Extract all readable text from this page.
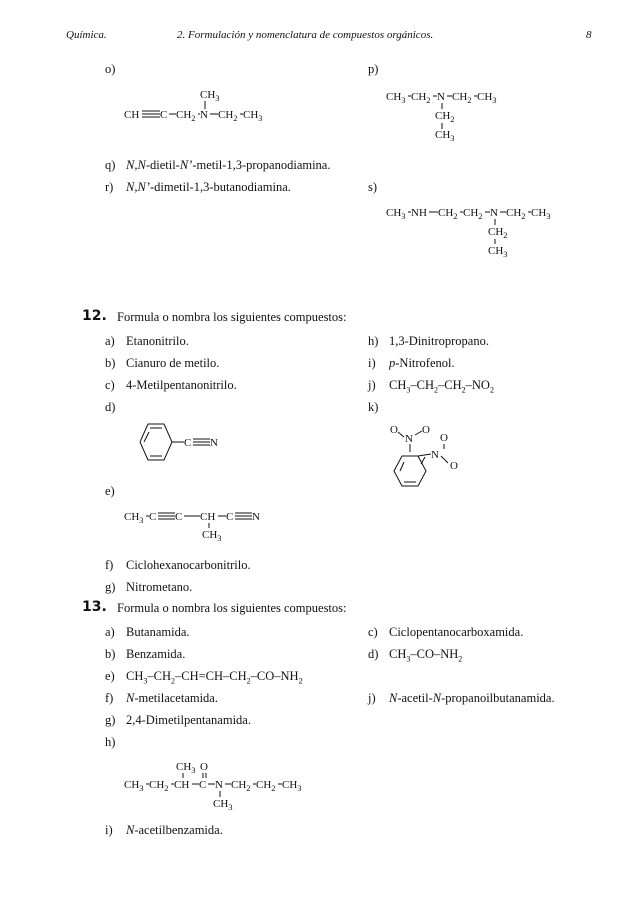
Química.	2. Formulación y nomenclatura de compuestos orgánicos.	8
o)
$CH_3$
CH C $CH_2$ N $CH_2$ $CH_3$
p)
$CH_3$ $CH_2$ N $CH_2$ $CH_3$
$CH_2$
$CH_3$
q) N,N-dietil-N’-metil-1,3-propanodiamina.
r) N,N’-dimetil-1,3-butanodiamina.	s)
$CH_3$ NH $CH_2$ $CH_2$ N $CH_2$ $CH_3$
$CH_2$
$CH_3$
12. Formula o nombra los siguientes compuestos:
a) Etanonitrilo.
b) Cianuro de metilo.
c) 4-Metilpentanonitrilo.
d)
h) 1,3-Dinitropropano.
i) p-Nitrofenol.
j) $CH_3-CH_2-CH_2-NO_2$
k)
C N
O
N
O
O
N
O
e)
$CH_3$ C C CH C N
$CH_3$
f) Ciclohexanocarbonitrilo.
g) Nitrometano.
13. Formula o nombra los siguientes compuestos:
a) Butanamida.
b) Benzamida.
e) $CH_3-CH_2-CH=CH-CH_2-CO-NH_2$
f) N-metilacetamida.
g) 2,4-Dimetilpentanamida.
h)
c) Ciclopentanocarboxamida.
d) $CH_3-CO-NH_2$
j) N-acetil-N-propanoilbutanamida.
$CH_3$ O
$CH_3$ $CH_2$ CH C N $CH_2$ $CH_2$ $CH_3$
$CH_3$
i) N-acetilbenzamida.
